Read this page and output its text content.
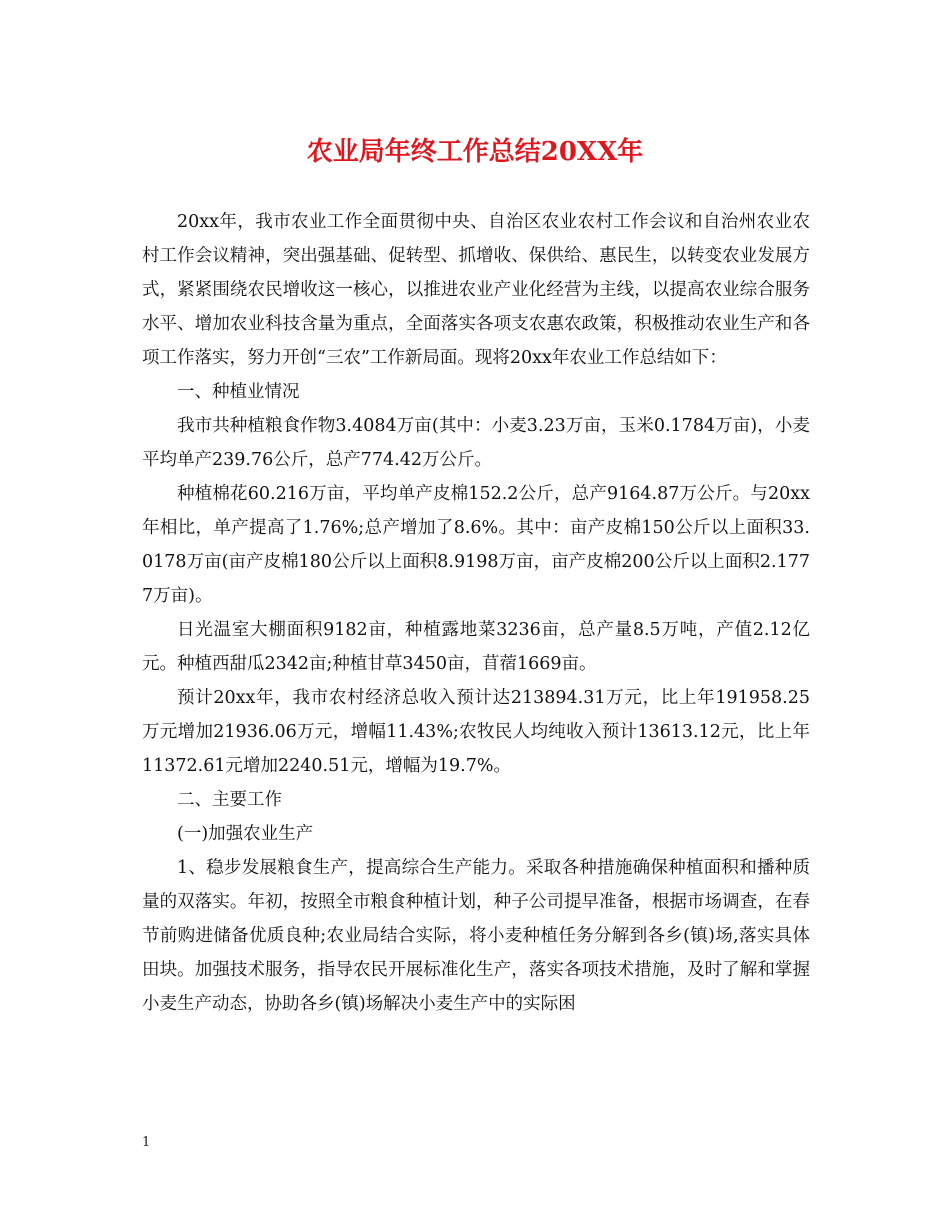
农业局年终工作总结20XX年

20xx年，我市农业工作全面贯彻中央、自治区农业农村工作会议和自治州农业农村工作会议精神，突出强基础、促转型、抓增收、保供给、惠民生，以转变农业发展方式，紧紧围绕农民增收这一核心，以推进农业产业化经营为主线，以提高农业综合服务水平、增加农业科技含量为重点，全面落实各项支农惠农政策，积极推动农业生产和各项工作落实，努力开创“三农”工作新局面。现将20xx年农业工作总结如下：

一、种植业情况

我市共种植粮食作物3.4084万亩(其中：小麦3.23万亩，玉米0.1784万亩)，小麦平均单产239.76公斤，总产774.42万公斤。

种植棉花60.216万亩，平均单产皮棉152.2公斤，总产9164.87万公斤。与20xx年相比，单产提高了1.76%;总产增加了8.6%。其中：亩产皮棉150公斤以上面积33.0178万亩(亩产皮棉180公斤以上面积8.9198万亩，亩产皮棉200公斤以上面积2.1777万亩)。

日光温室大棚面积9182亩，种植露地菜3236亩，总产量8.5万吨，产值2.12亿元。种植西甜瓜2342亩;种植甘草3450亩，苜蓿1669亩。

预计20xx年，我市农村经济总收入预计达213894.31万元，比上年191958.25万元增加21936.06万元，增幅11.43%;农牧民人均纯收入预计13613.12元，比上年11372.61元增加2240.51元，增幅为19.7%。

二、主要工作

(一)加强农业生产

1、稳步发展粮食生产，提高综合生产能力。采取各种措施确保种植面积和播种质量的双落实。年初，按照全市粮食种植计划，种子公司提早准备，根据市场调查，在春节前购进储备优质良种;农业局结合实际，将小麦种植任务分解到各乡(镇)场,落实具体田块。加强技术服务，指导农民开展标准化生产，落实各项技术措施，及时了解和掌握小麦生产动态，协助各乡(镇)场解决小麦生产中的实际困

1
